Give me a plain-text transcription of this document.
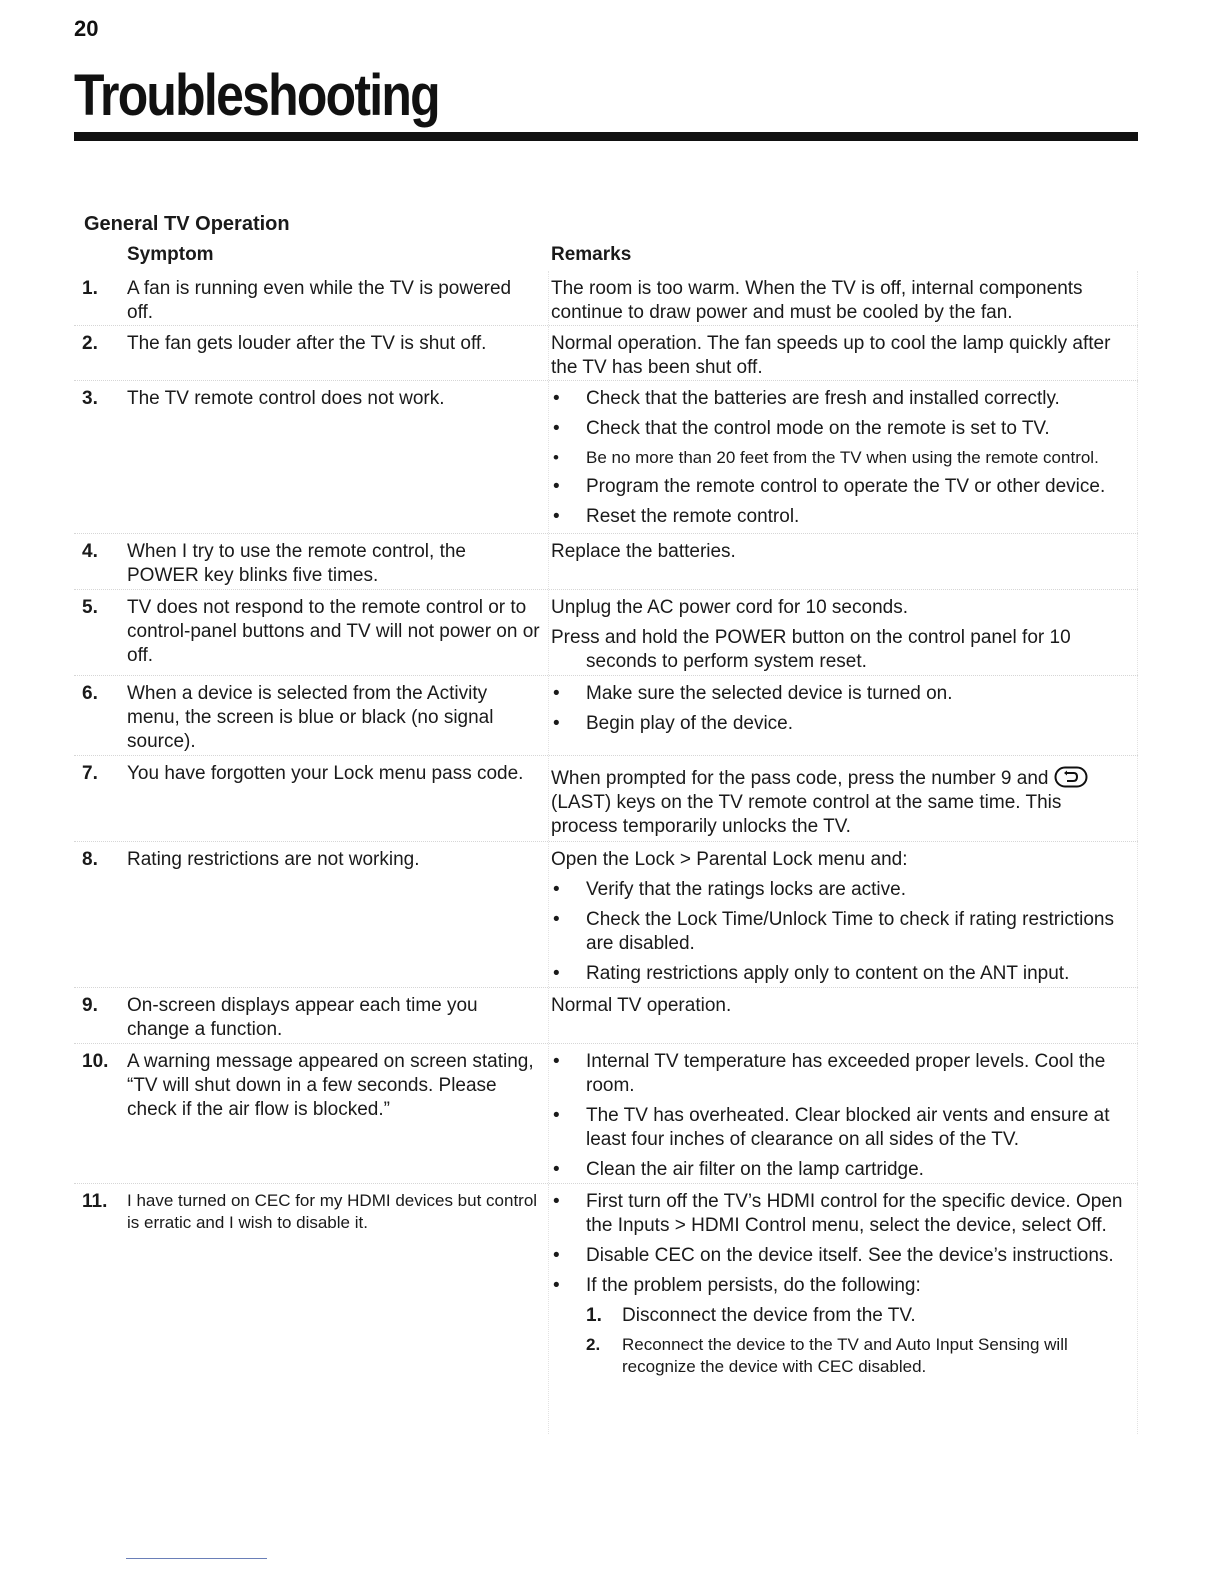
20
Troubleshooting
General TV Operation
Symptom	Remarks
1.	A fan is running even while the TV is powered off.

The room is too warm. When the TV is off, internal components continue to draw power and must be cooled by the fan.

2.	The fan gets louder after the TV is shut off.	Normal operation. The fan speeds up to cool the lamp quickly after the TV has been shut off.

3.	The TV remote control does not work.
•	Check that the batteries are fresh and installed correctly.
• Check that the control mode on the remote is set to TV.
• Be no more than 20 feet from the TV when using the remote control.
• Program the remote control to operate the TV or other device.
• Reset the remote control.
4.	When I try to use the remote control, the POWER key blinks five times.

Replace the batteries.

5.	TV does not respond to the remote control or to control-panel buttons and TV will not power on or off.

Unplug the AC power cord for 10 seconds.

Press and hold the POWER button on the control panel for 10 seconds to perform system reset.

6.	When a device is selected from the Activity menu, the screen is blue or black (no signal source).
• Make sure the selected device is turned on.
• Begin play of the device.
7.	You have forgotten your Lock menu pass code.	When prompted for the pass code, press the number 9 and  (LAST) keys on the TV remote control at the same time. This process temporarily unlocks the TV.

8.	Rating restrictions are not working.	Open the Lock > Parental Lock menu and:

• Verify that the ratings locks are active.
• Check the Lock Time/Unlock Time to check if rating restrictions are disabled.
• Rating restrictions apply only to content on the ANT input.
9.	On-screen displays appear each time you change a function.

Normal TV operation.

10. A warning message appeared on screen stating, “TV will shut down in a few seconds. Please check if the air flow is blocked.”
• Internal TV temperature has exceeded proper levels. Cool the room.
• The TV has overheated. Clear blocked air vents and ensure at least four inches of clearance on all sides of the TV.
• Clean the air filter on the lamp cartridge.
11.	I have turned on CEC for my HDMI devices but control is erratic and I wish to disable it.
• First turn off the TV’s HDMI control for the specific device. Open the Inputs > HDMI Control menu, select the device, select Off.
• Disable CEC on the device itself. See the device’s instructions.
• If the problem persists, do the following:
1.	Disconnect the device from the TV.
2.	Reconnect the device to the TV and Auto Input Sensing will recognize the device with CEC disabled.
